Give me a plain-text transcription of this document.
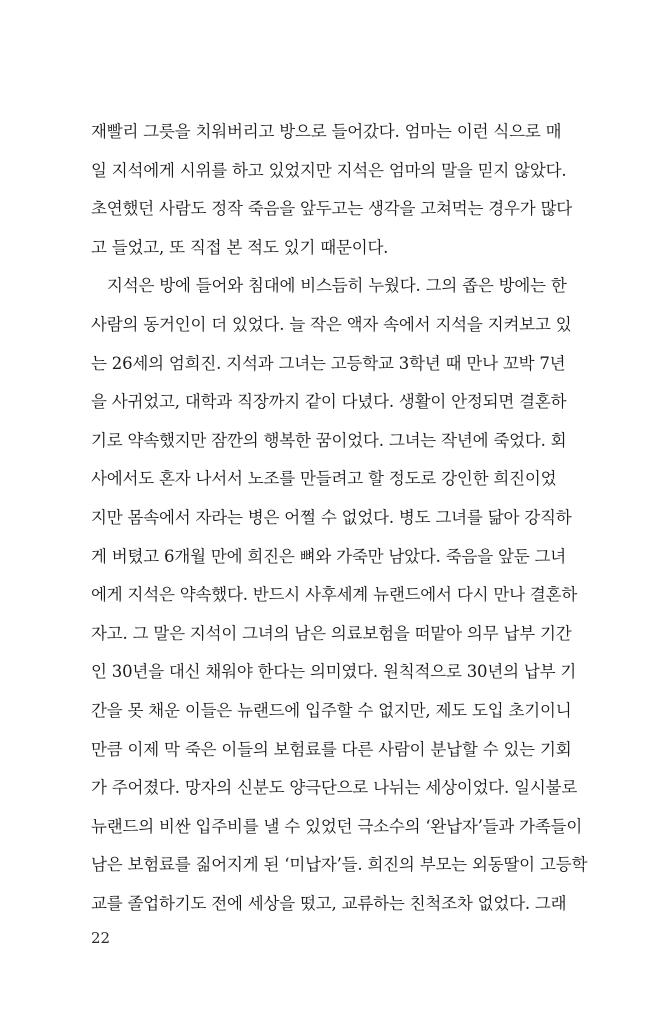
재빨리 그릇을 치워버리고 방으로 들어갔다. 엄마는 이런 식으로 매
일 지석에게 시위를 하고 있었지만 지석은 엄마의 말을 믿지 않았다.
초연했던 사람도 정작 죽음을 앞두고는 생각을 고쳐먹는 경우가 많다
고 들었고, 또 직접 본 적도 있기 때문이다.
지석은 방에 들어와 침대에 비스듬히 누웠다. 그의 좁은 방에는 한
사람의 동거인이 더 있었다. 늘 작은 액자 속에서 지석을 지켜보고 있
는 26세의 엄희진. 지석과 그녀는 고등학교 3학년 때 만나 꼬박 7년
을 사귀었고, 대학과 직장까지 같이 다녔다. 생활이 안정되면 결혼하
기로 약속했지만 잠깐의 행복한 꿈이었다. 그녀는 작년에 죽었다. 회
사에서도 혼자 나서서 노조를 만들려고 할 정도로 강인한 희진이었
지만 몸속에서 자라는 병은 어쩔 수 없었다. 병도 그녀를 닮아 강직하
게 버텼고 6개월 만에 희진은 뼈와 가죽만 남았다. 죽음을 앞둔 그녀
에게 지석은 약속했다. 반드시 사후세계 뉴랜드에서 다시 만나 결혼하
자고. 그 말은 지석이 그녀의 남은 의료보험을 떠맡아 의무 납부 기간
인 30년을 대신 채워야 한다는 의미였다. 원칙적으로 30년의 납부 기
간을 못 채운 이들은 뉴랜드에 입주할 수 없지만, 제도 도입 초기이니
만큼 이제 막 죽은 이들의 보험료를 다른 사람이 분납할 수 있는 기회
가 주어졌다. 망자의 신분도 양극단으로 나뉘는 세상이었다. 일시불로
뉴랜드의 비싼 입주비를 낼 수 있었던 극소수의 ‘완납자’들과 가족들이
남은 보험료를 짊어지게 된 ‘미납자’들. 희진의 부모는 외동딸이 고등학
교를 졸업하기도 전에 세상을 떴고, 교류하는 친척조차 없었다. 그래
22
